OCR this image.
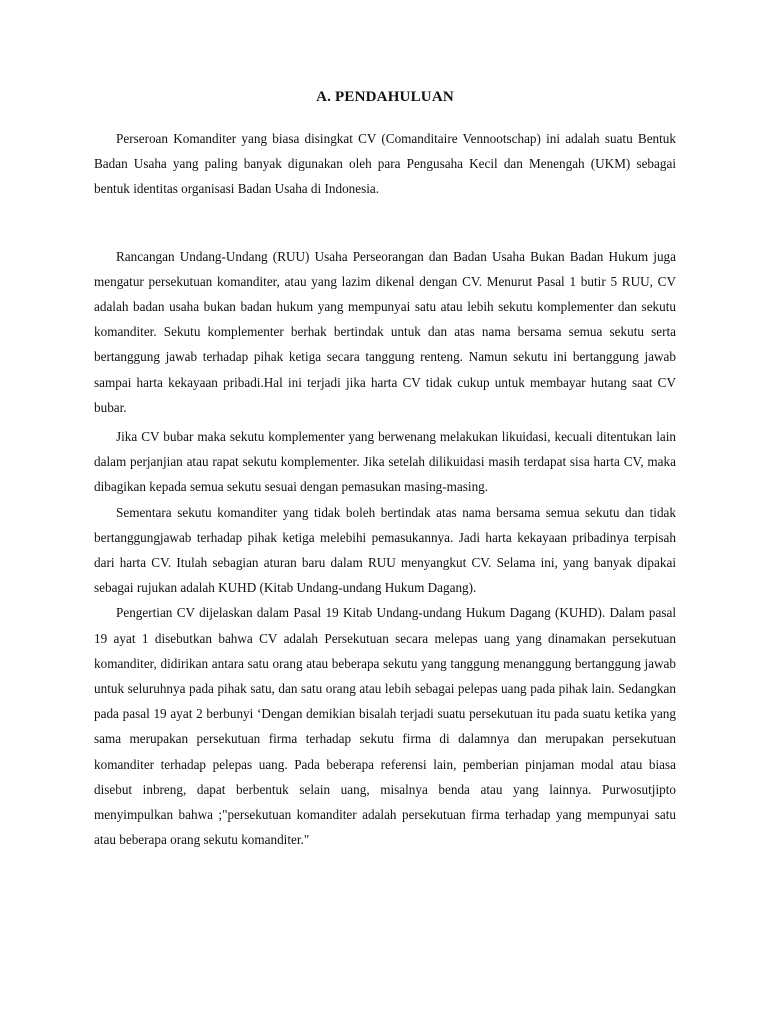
A. PENDAHULUAN

Perseroan Komanditer yang biasa disingkat CV (Comanditaire Vennootschap) ini adalah suatu Bentuk Badan Usaha yang paling banyak digunakan oleh para Pengusaha Kecil dan Menengah (UKM) sebagai bentuk identitas organisasi Badan Usaha di Indonesia.

Rancangan Undang-Undang (RUU) Usaha Perseorangan dan Badan Usaha Bukan Badan Hukum juga mengatur persekutuan komanditer, atau yang lazim dikenal dengan CV. Menurut Pasal 1 butir 5 RUU, CV adalah badan usaha bukan badan hukum yang mempunyai satu atau lebih sekutu komplementer dan sekutu komanditer. Sekutu komplementer berhak bertindak untuk dan atas nama bersama semua sekutu serta bertanggung jawab terhadap pihak ketiga secara tanggung renteng. Namun sekutu ini bertanggung jawab sampai harta kekayaan pribadi.Hal ini terjadi jika harta CV tidak cukup untuk membayar hutang saat CV bubar.

Jika CV bubar maka sekutu komplementer yang berwenang melakukan likuidasi, kecuali ditentukan lain dalam perjanjian atau rapat sekutu komplementer. Jika setelah dilikuidasi masih terdapat sisa harta CV, maka dibagikan kepada semua sekutu sesuai dengan pemasukan masing-masing.

Sementara sekutu komanditer yang tidak boleh bertindak atas nama bersama semua sekutu dan tidak bertanggungjawab terhadap pihak ketiga melebihi pemasukannya. Jadi harta kekayaan pribadinya terpisah dari harta CV. Itulah sebagian aturan baru dalam RUU menyangkut CV. Selama ini, yang banyak dipakai sebagai rujukan adalah KUHD (Kitab Undang-undang Hukum Dagang).

Pengertian CV dijelaskan dalam Pasal 19 Kitab Undang-undang Hukum Dagang (KUHD). Dalam pasal 19 ayat 1 disebutkan bahwa CV adalah Persekutuan secara melepas uang yang dinamakan persekutuan komanditer, didirikan antara satu orang atau beberapa sekutu yang tanggung menanggung bertanggung jawab untuk seluruhnya pada pihak satu, dan satu orang atau lebih sebagai pelepas uang pada pihak lain. Sedangkan pada pasal 19 ayat 2 berbunyi ‘Dengan demikian bisalah terjadi suatu persekutuan itu pada suatu ketika yang sama merupakan persekutuan firma terhadap sekutu firma di dalamnya dan merupakan persekutuan komanditer terhadap pelepas uang. Pada beberapa referensi lain, pemberian pinjaman modal atau biasa disebut inbreng, dapat berbentuk selain uang, misalnya benda atau yang lainnya. Purwosutjipto menyimpulkan bahwa ;"persekutuan komanditer adalah persekutuan firma terhadap yang mempunyai satu atau beberapa orang sekutu komanditer."
